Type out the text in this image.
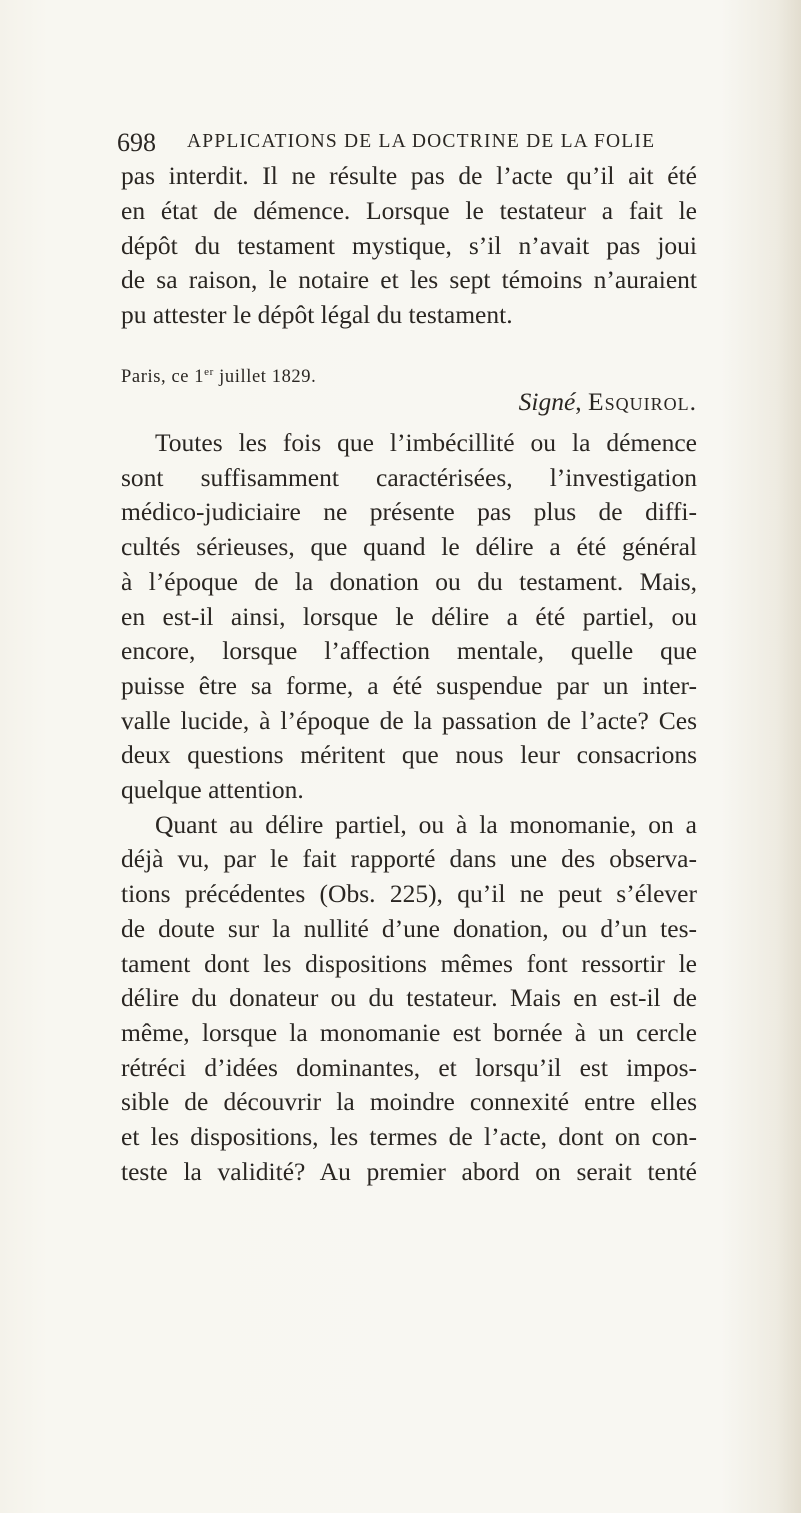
698 APPLICATIONS DE LA DOCTRINE DE LA FOLIE
pas interdit. Il ne résulte pas de l’acte qu’il ait été
en état de démence. Lorsque le testateur a fait le
dépôt du testament mystique, s’il n’avait pas joui
de sa raison, le notaire et les sept témoins n’auraient
pu attester le dépôt légal du testament.
Paris, ce 1er juillet 1829.
Signé, Esquirol.
Toutes les fois que l’imbécillité ou la démence
sont suffisamment caractérisées, l’investigation
médico-judiciaire ne présente pas plus de diffi-
cultés sérieuses, que quand le délire a été général
à l’époque de la donation ou du testament. Mais,
en est-il ainsi, lorsque le délire a été partiel, ou
encore, lorsque l’affection mentale, quelle que
puisse être sa forme, a été suspendue par un inter-
valle lucide, à l’époque de la passation de l’acte? Ces
deux questions méritent que nous leur consacrions
quelque attention.
Quant au délire partiel, ou à la monomanie, on a
déjà vu, par le fait rapporté dans une des observa-
tions précédentes (Obs. 225), qu’il ne peut s’élever
de doute sur la nullité d’une donation, ou d’un tes-
tament dont les dispositions mêmes font ressortir le
délire du donateur ou du testateur. Mais en est-il de
même, lorsque la monomanie est bornée à un cercle
rétréci d’idées dominantes, et lorsqu’il est impos-
sible de découvrir la moindre connexité entre elles
et les dispositions, les termes de l’acte, dont on con-
teste la validité? Au premier abord on serait tenté
